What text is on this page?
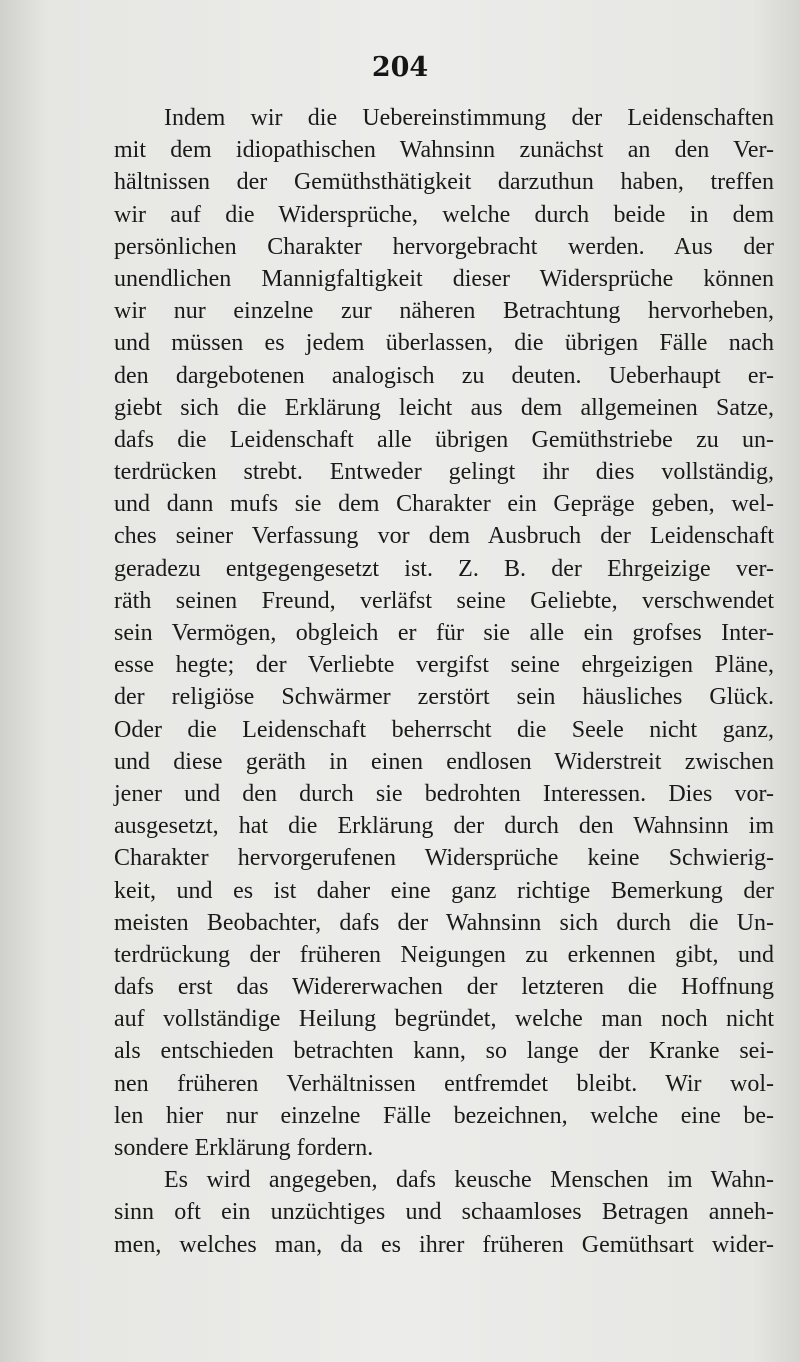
204
Indem wir die Uebereinstimmung der Leidenschaften
mit dem idiopathischen Wahnsinn zunächst an den Ver-
hältnissen der Gemüthsthätigkeit darzuthun haben, treffen
wir auf die Widersprüche, welche durch beide in dem
persönlichen Charakter hervorgebracht werden. Aus der
unendlichen Mannigfaltigkeit dieser Widersprüche können
wir nur einzelne zur näheren Betrachtung hervorheben,
und müssen es jedem überlassen, die übrigen Fälle nach
den dargebotenen analogisch zu deuten. Ueberhaupt er-
giebt sich die Erklärung leicht aus dem allgemeinen Satze,
dafs die Leidenschaft alle übrigen Gemüthstriebe zu un-
terdrücken strebt. Entweder gelingt ihr dies vollständig,
und dann mufs sie dem Charakter ein Gepräge geben, wel-
ches seiner Verfassung vor dem Ausbruch der Leidenschaft
geradezu entgegengesetzt ist. Z. B. der Ehrgeizige ver-
räth seinen Freund, verläfst seine Geliebte, verschwendet
sein Vermögen, obgleich er für sie alle ein grofses Inter-
esse hegte; der Verliebte vergifst seine ehrgeizigen Pläne,
der religiöse Schwärmer zerstört sein häusliches Glück.
Oder die Leidenschaft beherrscht die Seele nicht ganz,
und diese geräth in einen endlosen Widerstreit zwischen
jener und den durch sie bedrohten Interessen. Dies vor-
ausgesetzt, hat die Erklärung der durch den Wahnsinn im
Charakter hervorgerufenen Widersprüche keine Schwierig-
keit, und es ist daher eine ganz richtige Bemerkung der
meisten Beobachter, dafs der Wahnsinn sich durch die Un-
terdrückung der früheren Neigungen zu erkennen gibt, und
dafs erst das Widererwachen der letzteren die Hoffnung
auf vollständige Heilung begründet, welche man noch nicht
als entschieden betrachten kann, so lange der Kranke sei-
nen früheren Verhältnissen entfremdet bleibt. Wir wol-
len hier nur einzelne Fälle bezeichnen, welche eine be-
sondere Erklärung fordern.
Es wird angegeben, dafs keusche Menschen im Wahn-
sinn oft ein unzüchtiges und schaamloses Betragen anneh-
men, welches man, da es ihrer früheren Gemüthsart wider-
